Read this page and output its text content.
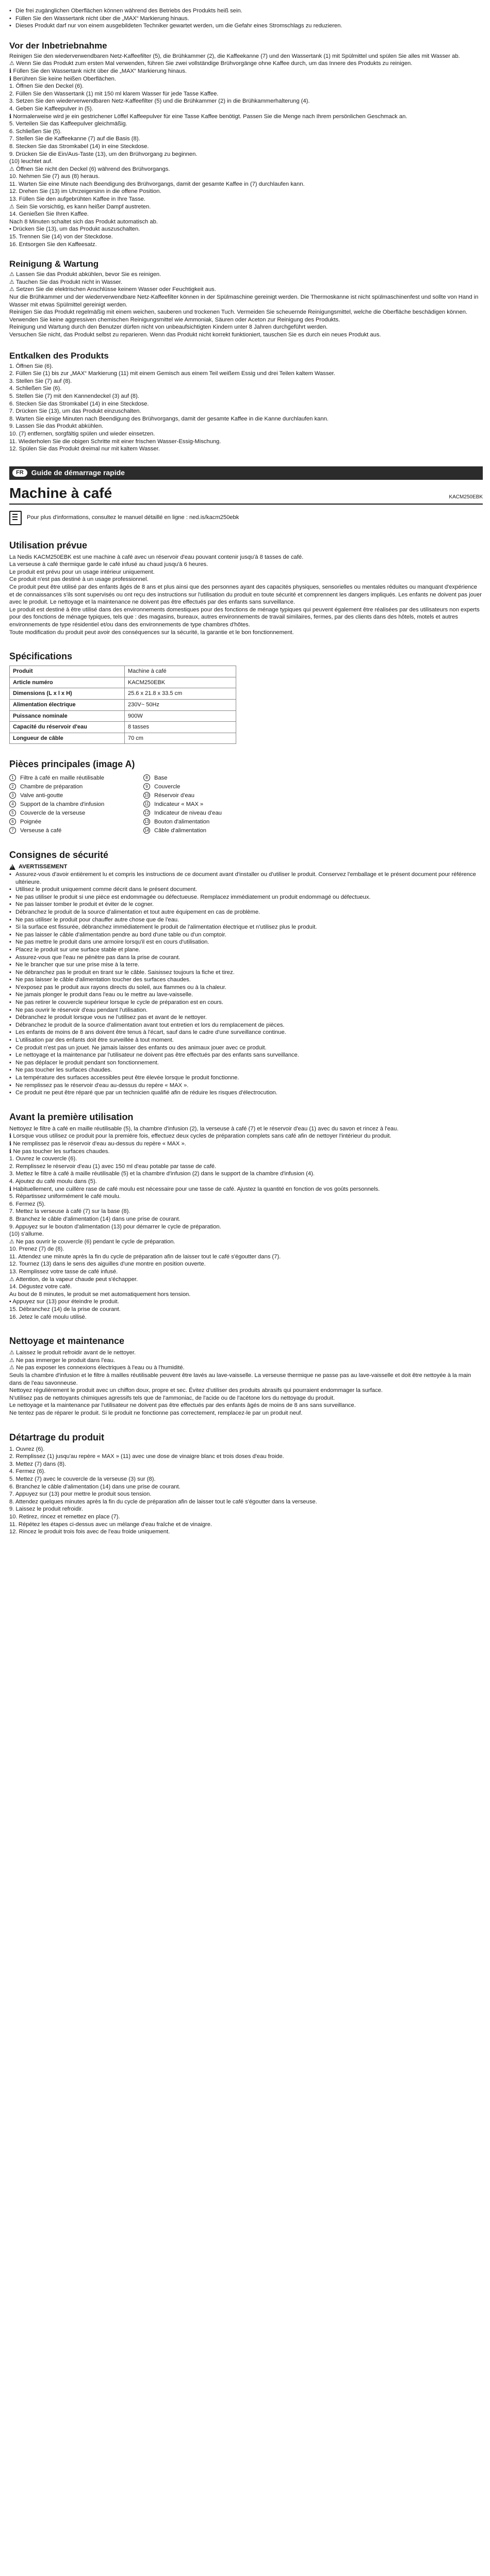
• Die frei zugänglichen Oberflächen können während des Betriebs des Produkts heiß sein.

• Füllen Sie den Wassertank nicht über die „MAX“ Markierung hinaus.

• Dieses Produkt darf nur von einem ausgebildeten Techniker gewartet werden, um die Gefahr eines Stromschlags zu reduzieren.

Vor der Inbetriebnahme

Reinigen Sie den wiederverwendbaren Netz-Kaffeefilter (5), die Brühkammer (2), die Kaffeekanne (7) und den Wassertank (1) mit Spülmittel und spülen Sie alles mit Wasser ab.

⚠ Wenn Sie das Produkt zum ersten Mal verwenden, führen Sie zwei vollständige Brühvorgänge ohne Kaffee durch, um das Innere des Produkts zu reinigen.

ℹ Füllen Sie den Wassertank nicht über die „MAX“ Markierung hinaus.

ℹ Berühren Sie keine heißen Oberflächen.

1. Öffnen Sie den Deckel (6).

2. Füllen Sie den Wassertank (1) mit 150 ml klarem Wasser für jede Tasse Kaffee.

3. Setzen Sie den wiederverwendbaren Netz-Kaffeefilter (5) und die Brühkammer (2) in die Brühkammerhalterung (4).

4. Geben Sie Kaffeepulver in (5).

ℹ Normalerweise wird je ein gestrichener Löffel Kaffeepulver für eine Tasse Kaffee benötigt. Passen Sie die Menge nach Ihrem persönlichen Geschmack an.

5. Verteilen Sie das Kaffeepulver gleichmäßig.

6. Schließen Sie (5).

7. Stellen Sie die Kaffeekanne (7) auf die Basis (8).

8. Stecken Sie das Stromkabel (14) in eine Steckdose.

9. Drücken Sie die Ein/Aus-Taste (13), um den Brühvorgang zu beginnen.

(10) leuchtet auf.

⚠ Öffnen Sie nicht den Deckel (6) während des Brühvorgangs.

10. Nehmen Sie (7) aus (8) heraus.

11. Warten Sie eine Minute nach Beendigung des Brühvorgangs, damit der gesamte Kaffee in (7) durchlaufen kann.

12. Drehen Sie (13) im Uhrzeigersinn in die offene Position.

13. Füllen Sie den aufgebrühten Kaffee in Ihre Tasse.

⚠ Sein Sie vorsichtig, es kann heißer Dampf austreten.

14. Genießen Sie Ihren Kaffee.

Nach 8 Minuten schaltet sich das Produkt automatisch ab.

• Drücken Sie (13), um das Produkt auszuschalten.

15. Trennen Sie (14) von der Steckdose.

16. Entsorgen Sie den Kaffeesatz.

Reinigung & Wartung

⚠ Lassen Sie das Produkt abkühlen, bevor Sie es reinigen.

⚠ Tauchen Sie das Produkt nicht in Wasser.

⚠ Setzen Sie die elektrischen Anschlüsse keinem Wasser oder Feuchtigkeit aus.

Nur die Brühkammer und der wiederverwendbare Netz-Kaffeefilter können in der Spülmaschine gereinigt werden. Die Thermoskanne ist nicht spülmaschinenfest und sollte von Hand in Wasser mit etwas Spülmittel gereinigt werden.

Reinigen Sie das Produkt regelmäßig mit einem weichen, sauberen und trockenen Tuch. Vermeiden Sie scheuernde Reinigungsmittel, welche die Oberfläche beschädigen können.

Verwenden Sie keine aggressiven chemischen Reinigungsmittel wie Ammoniak, Säuren oder Aceton zur Reinigung des Produkts.

Reinigung und Wartung durch den Benutzer dürfen nicht von unbeaufsichtigten Kindern unter 8 Jahren durchgeführt werden.

Versuchen Sie nicht, das Produkt selbst zu reparieren. Wenn das Produkt nicht korrekt funktioniert, tauschen Sie es durch ein neues Produkt aus.

Entkalken des Produkts

1. Öffnen Sie (6).

2. Füllen Sie (1) bis zur „MAX“ Markierung (11) mit einem Gemisch aus einem Teil weißem Essig und drei Teilen kaltem Wasser.

3. Stellen Sie (7) auf (8).

4. Schließen Sie (6).

5. Stellen Sie (7) mit den Kannendeckel (3) auf (8).

6. Stecken Sie das Stromkabel (14) in eine Steckdose.

7. Drücken Sie (13), um das Produkt einzuschalten.

8. Warten Sie einige Minuten nach Beendigung des Brühvorgangs, damit der gesamte Kaffee in die Kanne durchlaufen kann.

9. Lassen Sie das Produkt abkühlen.

10. (7) entfernen, sorgfältig spülen und wieder einsetzen.

11. Wiederholen Sie die obigen Schritte mit einer frischen Wasser-Essig-Mischung.

12. Spülen Sie das Produkt dreimal nur mit kaltem Wasser.

FR	Guide de démarrage rapide
Machine à café	KACM250EBK
Pour plus d'informations, consultez le manuel détaillé en ligne : ned.is/kacm250ebk
Utilisation prévue

La Nedis KACM250EBK est une machine à café avec un réservoir d'eau pouvant contenir jusqu'à 8 tasses de café.

La verseuse à café thermique garde le café infusé au chaud jusqu'à 6 heures.

Le produit est prévu pour un usage intérieur uniquement.

Ce produit n'est pas destiné à un usage professionnel.

Ce produit peut être utilisé par des enfants âgés de 8 ans et plus ainsi que des personnes ayant des capacités physiques, sensorielles ou mentales réduites ou manquant d'expérience et de connaissances s'ils sont supervisés ou ont reçu des instructions sur l'utilisation du produit en toute sécurité et comprennent les dangers impliqués. Les enfants ne doivent pas jouer avec le produit. Le nettoyage et la maintenance ne doivent pas être effectués par des enfants sans surveillance.

Le produit est destiné à être utilisé dans des environnements domestiques pour des fonctions de ménage typiques qui peuvent également être réalisées par des utilisateurs non experts pour des fonctions de ménage typiques, tels que : des magasins, bureaux, autres environnements de travail similaires, fermes, par des clients dans des hôtels, motels et autres environnements de type résidentiel et/ou dans des environnements de type chambres d'hôtes.

Toute modification du produit peut avoir des conséquences sur la sécurité, la garantie et le bon fonctionnement.

Spécifications
Produit	Machine à café
Article numéro	KACM250EBK
Dimensions (L x l x H)	25.6 x 21.8 x 33.5 cm
Alimentation électrique	230V~ 50Hz
Puissance nominale	900W
Capacité du réservoir d'eau	8 tasses
Longueur de câble	70 cm
Pièces principales (image A)
1	Filtre à café en maille réutilisable
2	Chambre de préparation
3	Valve anti-goutte
4	Support de la chambre d'infusion
5	Couvercle de la verseuse
6	Poignée
7	Verseuse à café
8	Base
9	Couvercle
10 Réservoir d'eau
11 Indicateur « MAX »
12 Indicateur de niveau d'eau
13 Bouton d'alimentation
14 Câble d'alimentation
Consignes de sécurité
!
AVERTISSEMENT

• Assurez-vous d'avoir entièrement lu et compris les instructions de ce document avant d'installer ou d'utiliser le produit. Conservez l'emballage et le présent document pour référence ultérieure.

• Utilisez le produit uniquement comme décrit dans le présent document.

• Ne pas utiliser le produit si une pièce est endommagée ou défectueuse. Remplacez immédiatement un produit endommagé ou défectueux.

• Ne pas laisser tomber le produit et éviter de le cogner.

• Débranchez le produit de la source d'alimentation et tout autre équipement en cas de problème.

• Ne pas utiliser le produit pour chauffer autre chose que de l'eau.

• Si la surface est fissurée, débranchez immédiatement le produit de l'alimentation électrique et n'utilisez plus le produit.

• Ne pas laisser le câble d'alimentation pendre au bord d'une table ou d'un comptoir.

• Ne pas mettre le produit dans une armoire lorsqu'il est en cours d'utilisation.

• Placez le produit sur une surface stable et plane.

• Assurez-vous que l'eau ne pénètre pas dans la prise de courant.

• Ne le brancher que sur une prise mise à la terre.

• Ne débranchez pas le produit en tirant sur le câble. Saisissez toujours la fiche et tirez.

• Ne pas laisser le câble d'alimentation toucher des surfaces chaudes.

• N'exposez pas le produit aux rayons directs du soleil, aux flammes ou à la chaleur.

• Ne jamais plonger le produit dans l'eau ou le mettre au lave-vaisselle.

• Ne pas retirer le couvercle supérieur lorsque le cycle de préparation est en cours.

• Ne pas ouvrir le réservoir d'eau pendant l'utilisation.

• Débranchez le produit lorsque vous ne l'utilisez pas et avant de le nettoyer.

• Débranchez le produit de la source d'alimentation avant tout entretien et lors du remplacement de pièces.

• Les enfants de moins de 8 ans doivent être tenus à l'écart, sauf dans le cadre d'une surveillance continue.

• L'utilisation par des enfants doit être surveillée à tout moment.

• Ce produit n'est pas un jouet. Ne jamais laisser des enfants ou des animaux jouer avec ce produit.

• Le nettoyage et la maintenance par l'utilisateur ne doivent pas être effectués par des enfants sans surveillance.

• Ne pas déplacer le produit pendant son fonctionnement.

• Ne pas toucher les surfaces chaudes.

• La température des surfaces accessibles peut être élevée lorsque le produit fonctionne.

• Ne remplissez pas le réservoir d'eau au-dessus du repère « MAX ».

• Ce produit ne peut être réparé que par un technicien qualifié afin de réduire les risques d'électrocution.

Avant la première utilisation

Nettoyez le filtre à café en maille réutilisable (5), la chambre d'infusion (2), la verseuse à café (7) et le réservoir d'eau (1) avec du savon et rincez à l'eau.

ℹ Lorsque vous utilisez ce produit pour la première fois, effectuez deux cycles de préparation complets sans café afin de nettoyer l'intérieur du produit.

ℹ Ne remplissez pas le réservoir d'eau au-dessus du repère « MAX ».

ℹ Ne pas toucher les surfaces chaudes.

1. Ouvrez le couvercle (6).

2. Remplissez le réservoir d'eau (1) avec 150 ml d'eau potable par tasse de café.

3. Mettez le filtre à café à maille réutilisable (5) et la chambre d'infusion (2) dans le support de la chambre d'infusion (4).

4. Ajoutez du café moulu dans (5).

ℹ Habituellement, une cuillère rase de café moulu est nécessaire pour une tasse de café. Ajustez la quantité en fonction de vos goûts personnels.

5. Répartissez uniformément le café moulu.

6. Fermez (5).

7. Mettez la verseuse à café (7) sur la base (8).

8. Branchez le câble d'alimentation (14) dans une prise de courant.

9. Appuyez sur le bouton d'alimentation (13) pour démarrer le cycle de préparation.

(10) s'allume.

⚠ Ne pas ouvrir le couvercle (6) pendant le cycle de préparation.

10. Prenez (7) de (8).

11. Attendez une minute après la fin du cycle de préparation afin de laisser tout le café s'égoutter dans (7).

12. Tournez (13) dans le sens des aiguilles d'une montre en position ouverte.

13. Remplissez votre tasse de café infusé.

⚠ Attention, de la vapeur chaude peut s'échapper.

14. Dégustez votre café.

Au bout de 8 minutes, le produit se met automatiquement hors tension.

• Appuyez sur (13) pour éteindre le produit.

15. Débranchez (14) de la prise de courant.

16. Jetez le café moulu utilisé.

Nettoyage et maintenance

⚠ Laissez le produit refroidir avant de le nettoyer.

⚠ Ne pas immerger le produit dans l'eau.

⚠ Ne pas exposer les connexions électriques à l'eau ou à l'humidité.

Seuls la chambre d'infusion et le filtre à mailles réutilisable peuvent être lavés au lave-vaisselle. La verseuse thermique ne passe pas au lave-vaisselle et doit être nettoyée à la main dans de l'eau savonneuse.

Nettoyez régulièrement le produit avec un chiffon doux, propre et sec. Évitez d'utiliser des produits abrasifs qui pourraient endommager la surface.

N'utilisez pas de nettoyants chimiques agressifs tels que de l'ammoniac, de l'acide ou de l'acétone lors du nettoyage du produit.

Le nettoyage et la maintenance par l'utilisateur ne doivent pas être effectués par des enfants âgés de moins de 8 ans sans surveillance.

Ne tentez pas de réparer le produit. Si le produit ne fonctionne pas correctement, remplacez-le par un produit neuf.

Détartrage du produit

1. Ouvrez (6).

2. Remplissez (1) jusqu'au repère « MAX » (11) avec une dose de vinaigre blanc et trois doses d'eau froide.

3. Mettez (7) dans (8).

4. Fermez (6).

5. Mettez (7) avec le couvercle de la verseuse (3) sur (8).

6. Branchez le câble d'alimentation (14) dans une prise de courant.

7. Appuyez sur (13) pour mettre le produit sous tension.

8. Attendez quelques minutes après la fin du cycle de préparation afin de laisser tout le café s'égoutter dans la verseuse.

9. Laissez le produit refroidir.

10. Retirez, rincez et remettez en place (7).

11. Répétez les étapes ci-dessus avec un mélange d'eau fraîche et de vinaigre.

12. Rincez le produit trois fois avec de l'eau froide uniquement.
